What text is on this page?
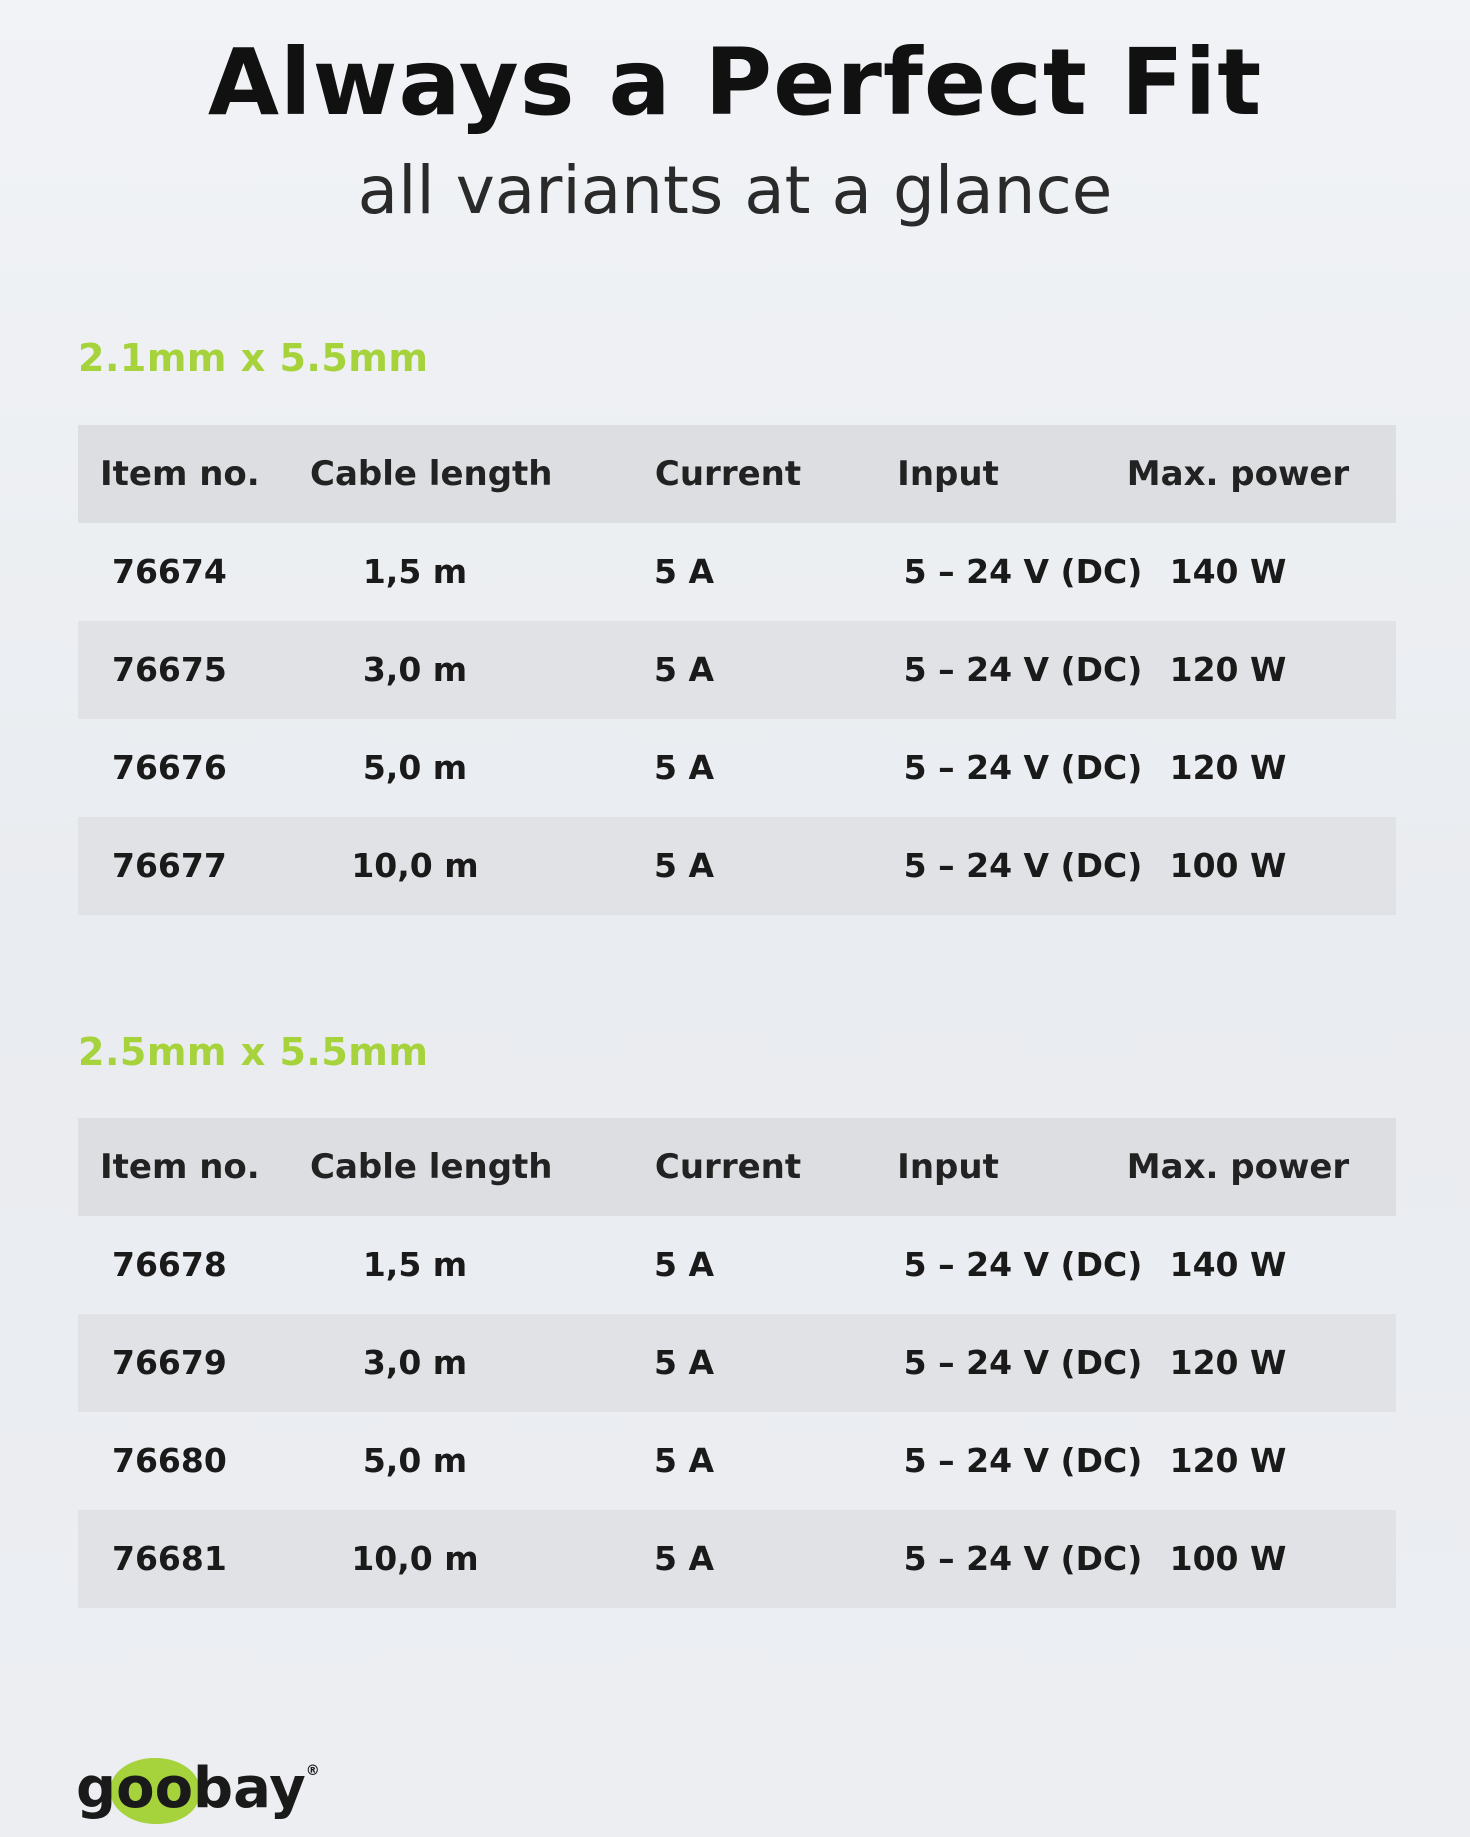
Always a Perfect Fit
all variants at a glance
2.1mm x 5.5mm
Item no.	Cable length	Current	Input	Max. power
76674	1,5 m	5 A	5 – 24 V (DC) 140 W
76675	3,0 m	5 A	5 – 24 V (DC) 120 W
76676	5,0 m	5 A	5 – 24 V (DC) 120 W
76677	10,0 m	5 A	5 – 24 V (DC) 100 W
2.5mm x 5.5mm
Item no.	Cable length	Current	Input	Max. power
76678	1,5 m	5 A	5 – 24 V (DC) 140 W
76679	3,0 m	5 A	5 – 24 V (DC) 120 W
76680	5,0 m	5 A	5 – 24 V (DC) 120 W
76681	10,0 m	5 A	5 – 24 V (DC) 100 W
g
oobay®
